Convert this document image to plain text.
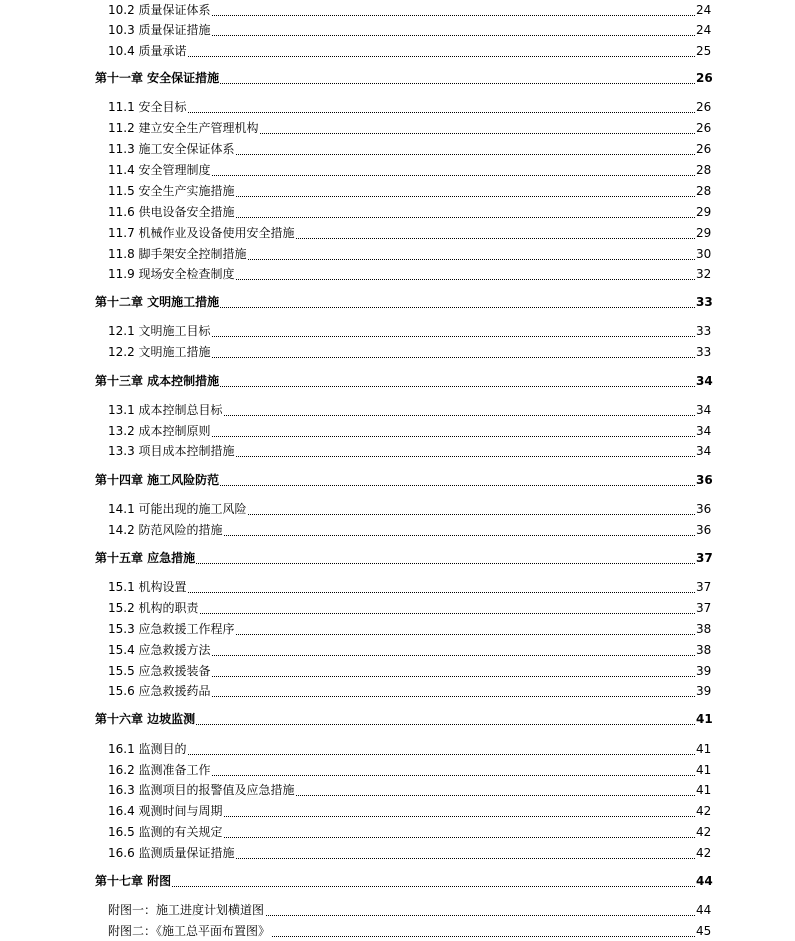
10.2 质量保证体系	24
10.3 质量保证措施	24
10.4 质量承诺	25
第十一章 安全保证措施	26
11.1 安全目标	26
11.2 建立安全生产管理机构	26
11.3 施工安全保证体系	26
11.4 安全管理制度	28
11.5 安全生产实施措施	28
11.6 供电设备安全措施	29
11.7 机械作业及设备使用安全措施	29
11.8 脚手架安全控制措施	30
11.9 现场安全检查制度	32
第十二章 文明施工措施	33
12.1 文明施工目标	33
12.2 文明施工措施	33
第十三章 成本控制措施	34
13.1 成本控制总目标	34
13.2 成本控制原则	34
13.3 项目成本控制措施	34
第十四章 施工风险防范	36
14.1 可能出现的施工风险	36
14.2 防范风险的措施	36
第十五章 应急措施	37
15.1 机构设置	37
15.2 机构的职责	37
15.3 应急救援工作程序	38
15.4 应急救援方法	38
15.5 应急救援装备	39
15.6 应急救援药品	39
第十六章 边坡监测	41
16.1 监测目的	41
16.2 监测准备工作	41
16.3 监测项目的报警值及应急措施	41
16.4 观测时间与周期	42
16.5 监测的有关规定	42
16.6 监测质量保证措施	42
第十七章 附图	44
附图一：施工进度计划横道图	44
附图二：《施工总平面布置图》	45
